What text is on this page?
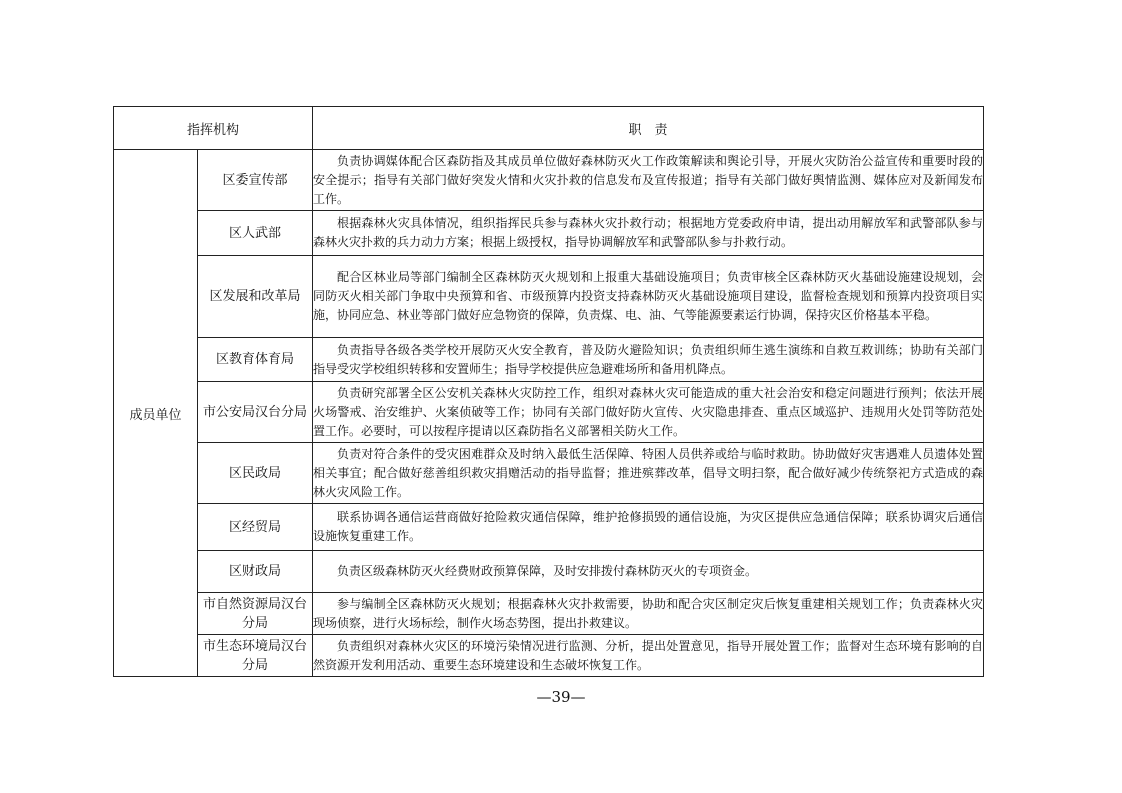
指挥机构		职　责
成员单位	区委宣传部	负责协调媒体配合区森防指及其成员单位做好森林防灭火工作政策解读和舆论引导，开展火灾防治公益宣传和重要时段的安全提示；指导有关部门做好突发火情和火灾扑救的信息发布及宣传报道；指导有关部门做好舆情监测、媒体应对及新闻发布工作。

	区人武部	根据森林火灾具体情况，组织指挥民兵参与森林火灾扑救行动；根据地方党委政府申请，提出动用解放军和武警部队参与森林火灾扑救的兵力动力方案；根据上级授权，指导协调解放军和武警部队参与扑救行动。

	区发展和改革局	配合区林业局等部门编制全区森林防灭火规划和上报重大基础设施项目；负责审核全区森林防灭火基础设施建设规划，会同防灭火相关部门争取中央预算和省、市级预算内投资支持森林防灭火基础设施项目建设，监督检查规划和预算内投资项目实施，协同应急、林业等部门做好应急物资的保障，负责煤、电、油、气等能源要素运行协调，保持灾区价格基本平稳。

	区教育体育局	负责指导各级各类学校开展防灭火安全教育，普及防火避险知识；负责组织师生逃生演练和自救互救训练；协助有关部门指导受灾学校组织转移和安置师生；指导学校提供应急避难场所和备用机降点。

	市公安局汉台分局	负责研究部署全区公安机关森林火灾防控工作，组织对森林火灾可能造成的重大社会治安和稳定问题进行预判；依法开展火场警戒、治安维护、火案侦破等工作；协同有关部门做好防火宣传、火灾隐患排查、重点区域巡护、违规用火处罚等防范处置工作。必要时，可以按程序提请以区森防指名义部署相关防火工作。

	区民政局	负责对符合条件的受灾困难群众及时纳入最低生活保障、特困人员供养或给与临时救助。协助做好灾害遇难人员遗体处置相关事宜；配合做好慈善组织救灾捐赠活动的指导监督；推进殡葬改革，倡导文明扫祭，配合做好减少传统祭祀方式造成的森林火灾风险工作。

	区经贸局	联系协调各通信运营商做好抢险救灾通信保障，维护抢修损毁的通信设施，为灾区提供应急通信保障；联系协调灾后通信设施恢复重建工作。

	区财政局	负责区级森林防灭火经费财政预算保障，及时安排拨付森林防灭火的专项资金。

	市自然资源局汉台分局	参与编制全区森林防灭火规划；根据森林火灾扑救需要，协助和配合灾区制定灾后恢复重建相关规划工作；负责森林火灾现场侦察，进行火场标绘，制作火场态势图，提出扑救建议。

	市生态环境局汉台分局	负责组织对森林火灾区的环境污染情况进行监测、分析，提出处置意见，指导开展处置工作；监督对生态环境有影响的自然资源开发利用活动、重要生态环境建设和生态破坏恢复工作。
—39—
